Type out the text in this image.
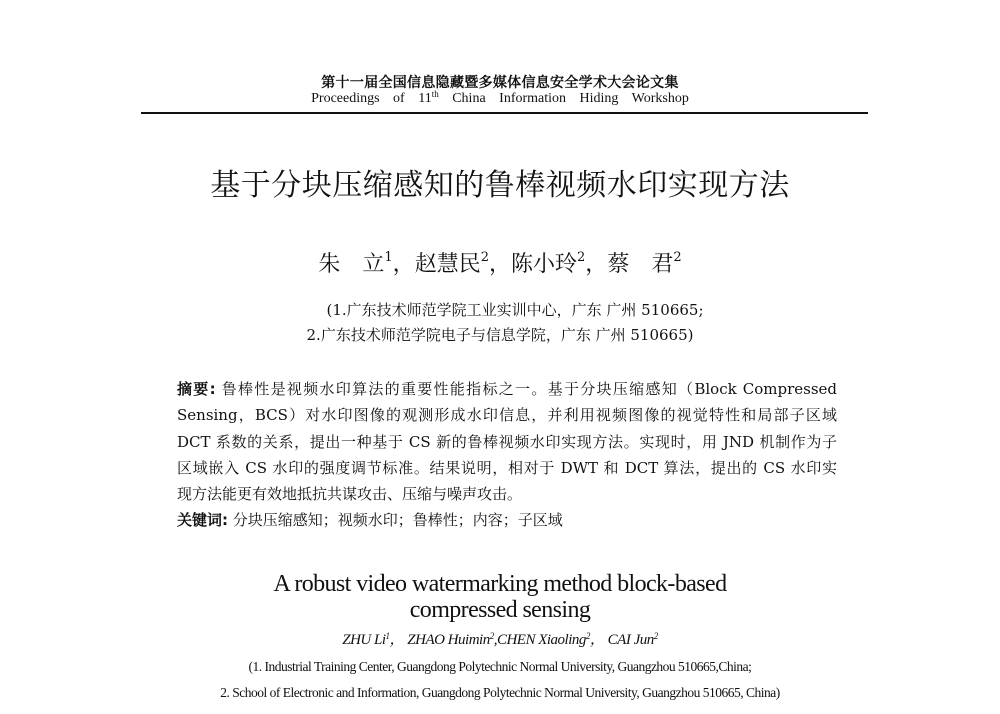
第十一届全国信息隐藏暨多媒体信息安全学术大会论文集
Proceedings of 11th China Information Hiding Workshop
基于分块压缩感知的鲁棒视频水印实现方法
朱 立$^1$，赵慧民$^2$，陈小玲$^2$，蔡 君$^2$
(1.广东技术师范学院工业实训中心，广东 广州 510665;
2.广东技术师范学院电子与信息学院，广东 广州 510665)
摘要: 鲁棒性是视频水印算法的重要性能指标之一。基于分块压缩感知（Block Compressed
Sensing，BCS）对水印图像的观测形成水印信息，并利用视频图像的视觉特性和局部子区域
DCT 系数的关系，提出一种基于 CS 新的鲁棒视频水印实现方法。实现时，用 JND 机制作为子
区域嵌入 CS 水印的强度调节标准。结果说明，相对于 DWT 和 DCT 算法，提出的 CS 水印实
现方法能更有效地抵抗共谋攻击、压缩与噪声攻击。
关键词: 分块压缩感知；视频水印；鲁棒性；内容；子区域
A robust video watermarking method block-based
compressed sensing
ZHU Li$^1$， ZHAO Huimin$^2$,CHEN Xiaoling$^2$， CAI Jun$^2$
(1. Industrial Training Center, Guangdong Polytechnic Normal University, Guangzhou 510665,China;
2. School of Electronic and Information, Guangdong Polytechnic Normal University, Guangzhou 510665, China)
